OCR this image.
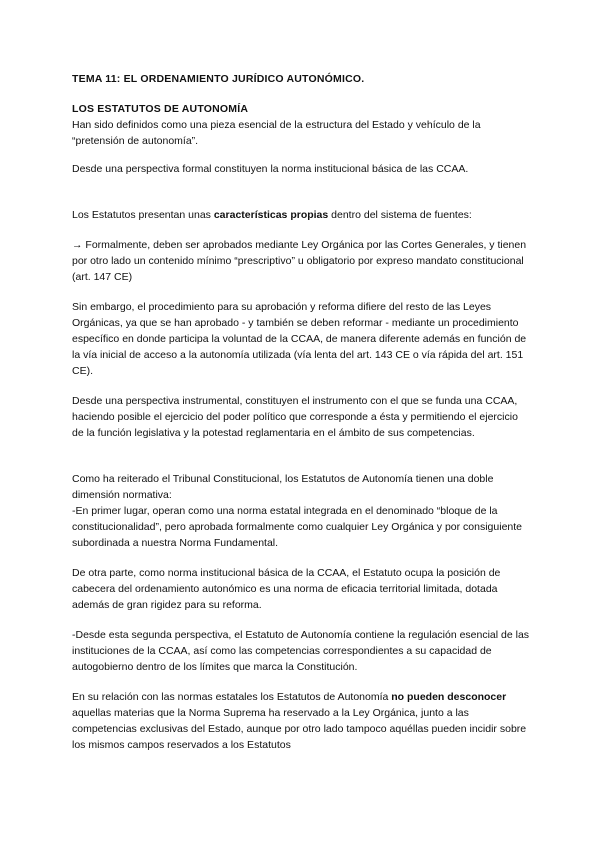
TEMA 11: EL ORDENAMIENTO JURÍDICO AUTONÓMICO.

LOS ESTATUTOS DE AUTONOMÍA

Han sido definidos como una pieza esencial de la estructura del Estado y vehículo de la “pretensión de autonomía”.

Desde una perspectiva formal constituyen la norma institucional básica de las CCAA.

Los Estatutos presentan unas características propias dentro del sistema de fuentes:

→ Formalmente, deben ser aprobados mediante Ley Orgánica por las Cortes Generales, y tienen por otro lado un contenido mínimo “prescriptivo” u obligatorio por expreso mandato constitucional (art. 147 CE)

Sin embargo, el procedimiento para su aprobación y reforma difiere del resto de las Leyes Orgánicas, ya que se han aprobado - y también se deben reformar - mediante un procedimiento específico en donde participa la voluntad de la CCAA, de manera diferente además en función de la vía inicial de acceso a la autonomía utilizada (vía lenta del art. 143 CE o vía rápida del art. 151 CE).

Desde una perspectiva instrumental, constituyen el instrumento con el que se funda una CCAA, haciendo posible el ejercicio del poder político que corresponde a ésta y permitiendo el ejercicio de la función legislativa y la potestad reglamentaria en el ámbito de sus competencias.

Como ha reiterado el Tribunal Constitucional, los Estatutos de Autonomía tienen una doble dimensión normativa:

-En primer lugar, operan como una norma estatal integrada en el denominado “bloque de la constitucionalidad”, pero aprobada formalmente como cualquier Ley Orgánica y por consiguiente subordinada a nuestra Norma Fundamental.

De otra parte, como norma institucional básica de la CCAA, el Estatuto ocupa la posición de cabecera del ordenamiento autonómico es una norma de eficacia territorial limitada, dotada además de gran rigidez para su reforma.

-Desde esta segunda perspectiva, el Estatuto de Autonomía contiene la regulación esencial de las instituciones de la CCAA, así como las competencias correspondientes a su capacidad de autogobierno dentro de los límites que marca la Constitución.

En su relación con las normas estatales los Estatutos de Autonomía no pueden desconocer aquellas materias que la Norma Suprema ha reservado a la Ley Orgánica, junto a las competencias exclusivas del Estado, aunque por otro lado tampoco aquéllas pueden incidir sobre los mismos campos reservados a los Estatutos
